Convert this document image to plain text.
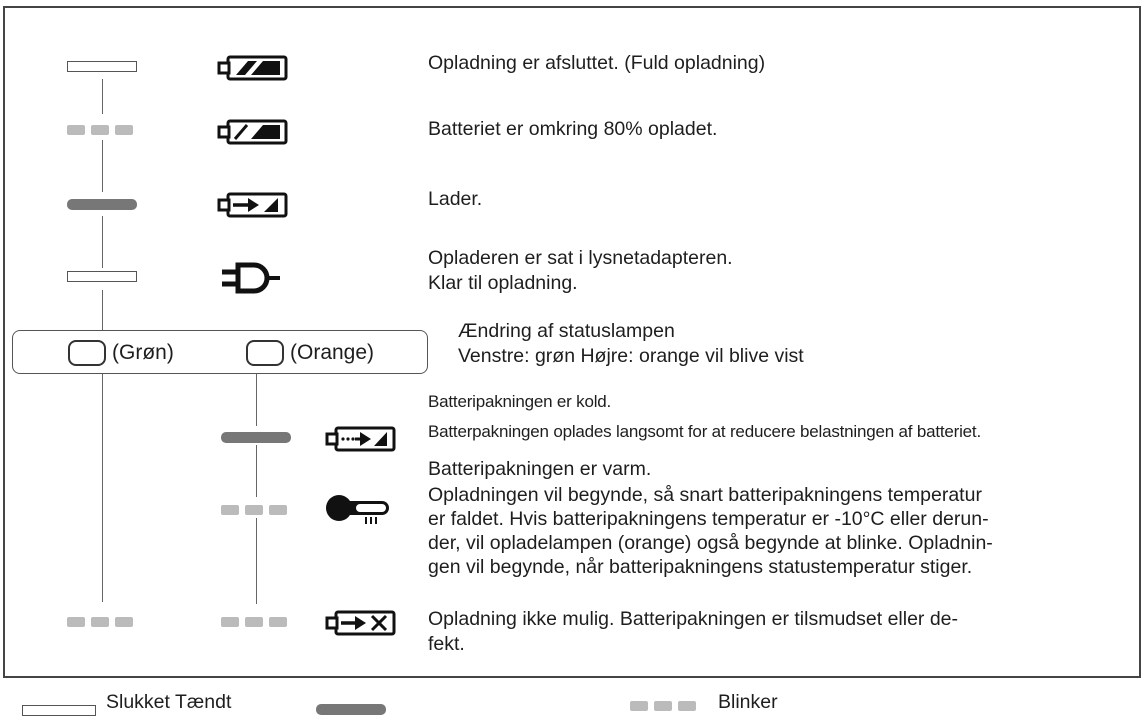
Opladning er afsluttet. (Fuld opladning)
Batteriet er omkring 80% opladet.
Lader.
Opladeren er sat i lysnetadapteren.
Klar til opladning.
(Grøn)	(Orange)
Ændring af statuslampen
Venstre: grøn Højre: orange vil blive vist
Batteripakningen er kold.
Batterpakningen oplades langsomt for at reducere belastningen af batteriet.
Batteripakningen er varm.
Opladningen vil begynde, så snart batteripakningens temperatur
er faldet. Hvis batteripakningens temperatur er -10°C eller derun-
der, vil opladelampen (orange) også begynde at blinke. Opladnin-
gen vil begynde, når batteripakningens statustemperatur stiger.
Opladning ikke mulig. Batteripakningen er tilsmudset eller de-
fekt.
Slukket Tændt	Blinker
